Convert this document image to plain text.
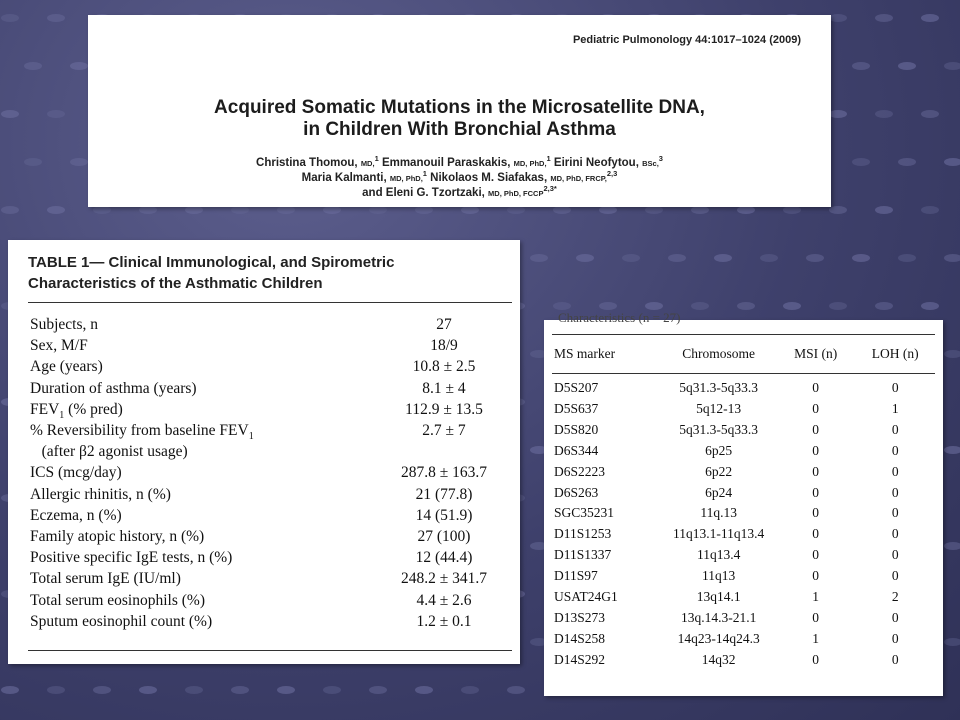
Pediatric Pulmonology 44:1017–1024 (2009)
Acquired Somatic Mutations in the Microsatellite DNA,
in Children With Bronchial Asthma
Christina Thomou, MD,$^1$ Emmanouil Paraskakis, MD, PhD,$^1$ Eirini Neofytou, BSc,$^3$
Maria Kalmanti, MD, PhD,$^1$ Nikolaos M. Siafakas, MD, PhD, FRCP,$^{2,3}$
and Eleni G. Tzortzaki, MD, PhD, $FCCP^{2,3*}$
TABLE 1— Clinical Immunological, and Spirometric
Characteristics of the Asthmatic Children
Subjects, n	27
Sex, M/F	18/9
Age (years)	10.8 ± 2.5
Duration of asthma (years)	8.1 ± 4
$FEV_1$ (% pred)	112.9 ± 13.5
% Reversibility from baseline $FEV_1$	2.7 ± 7
(after β2 agonist usage)
ICS (mcg/day)	287.8 ± 163.7
Allergic rhinitis, n (%)	21 (77.8)
Eczema, n (%)	14 (51.9)
Family atopic history, n (%)	27 (100)
Positive specific IgE tests, n (%)	12 (44.4)
Total serum IgE (IU/ml)	248.2 ± 341.7
Total serum eosinophils (%)	4.4 ± 2.6
Sputum eosinophil count (%)	1.2 ± 0.1
Characteristics (n = 27)
MS marker	Chromosome	MSI (n)	LOH (n)
D5S207	5q31.3-5q33.3	0	0
D5S637	5q12-13	0	1
D5S820	5q31.3-5q33.3	0	0
D6S344	6p25	0	0
D6S2223	6p22	0	0
D6S263	6p24	0	0
SGC35231	11q.13	0	0
D11S1253	11q13.1-11q13.4	0	0
D11S1337	11q13.4	0	0
D11S97	11q13	0	0
USAT24G1	13q14.1	1	2
D13S273	13q.14.3-21.1	0	0
D14S258	14q23-14q24.3	1	0
D14S292	14q32	0	0
